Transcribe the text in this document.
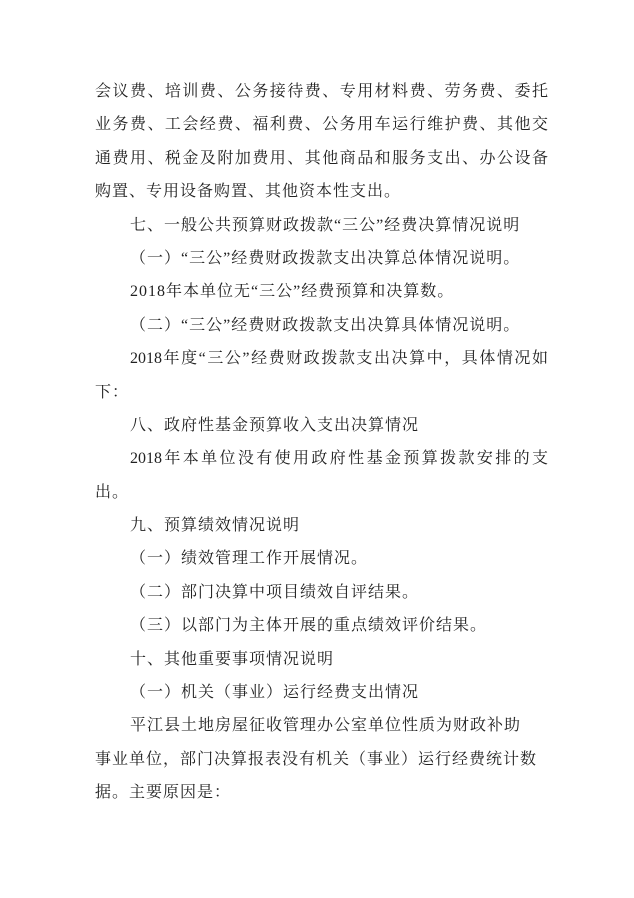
会议费、培训费、公务接待费、专用材料费、劳务费、委托
业务费、工会经费、福利费、公务用车运行维护费、其他交
通费用、税金及附加费用、其他商品和服务支出、办公设备
购置、专用设备购置、其他资本性支出。
七、一般公共预算财政拨款“三公”经费决算情况说明
（一）“三公”经费财政拨款支出决算总体情况说明。
2018年本单位无“三公”经费预算和决算数。
（二）“三公”经费财政拨款支出决算具体情况说明。
2018年度“三公”经费财政拨款支出决算中，具体情况如
下：
八、政府性基金预算收入支出决算情况
2018年本单位没有使用政府性基金预算拨款安排的支
出。
九、预算绩效情况说明
（一）绩效管理工作开展情况。
（二）部门决算中项目绩效自评结果。
（三）以部门为主体开展的重点绩效评价结果。
十、其他重要事项情况说明
（一）机关（事业）运行经费支出情况
平江县土地房屋征收管理办公室单位性质为财政补助
事业单位，部门决算报表没有机关（事业）运行经费统计数
据。主要原因是：
